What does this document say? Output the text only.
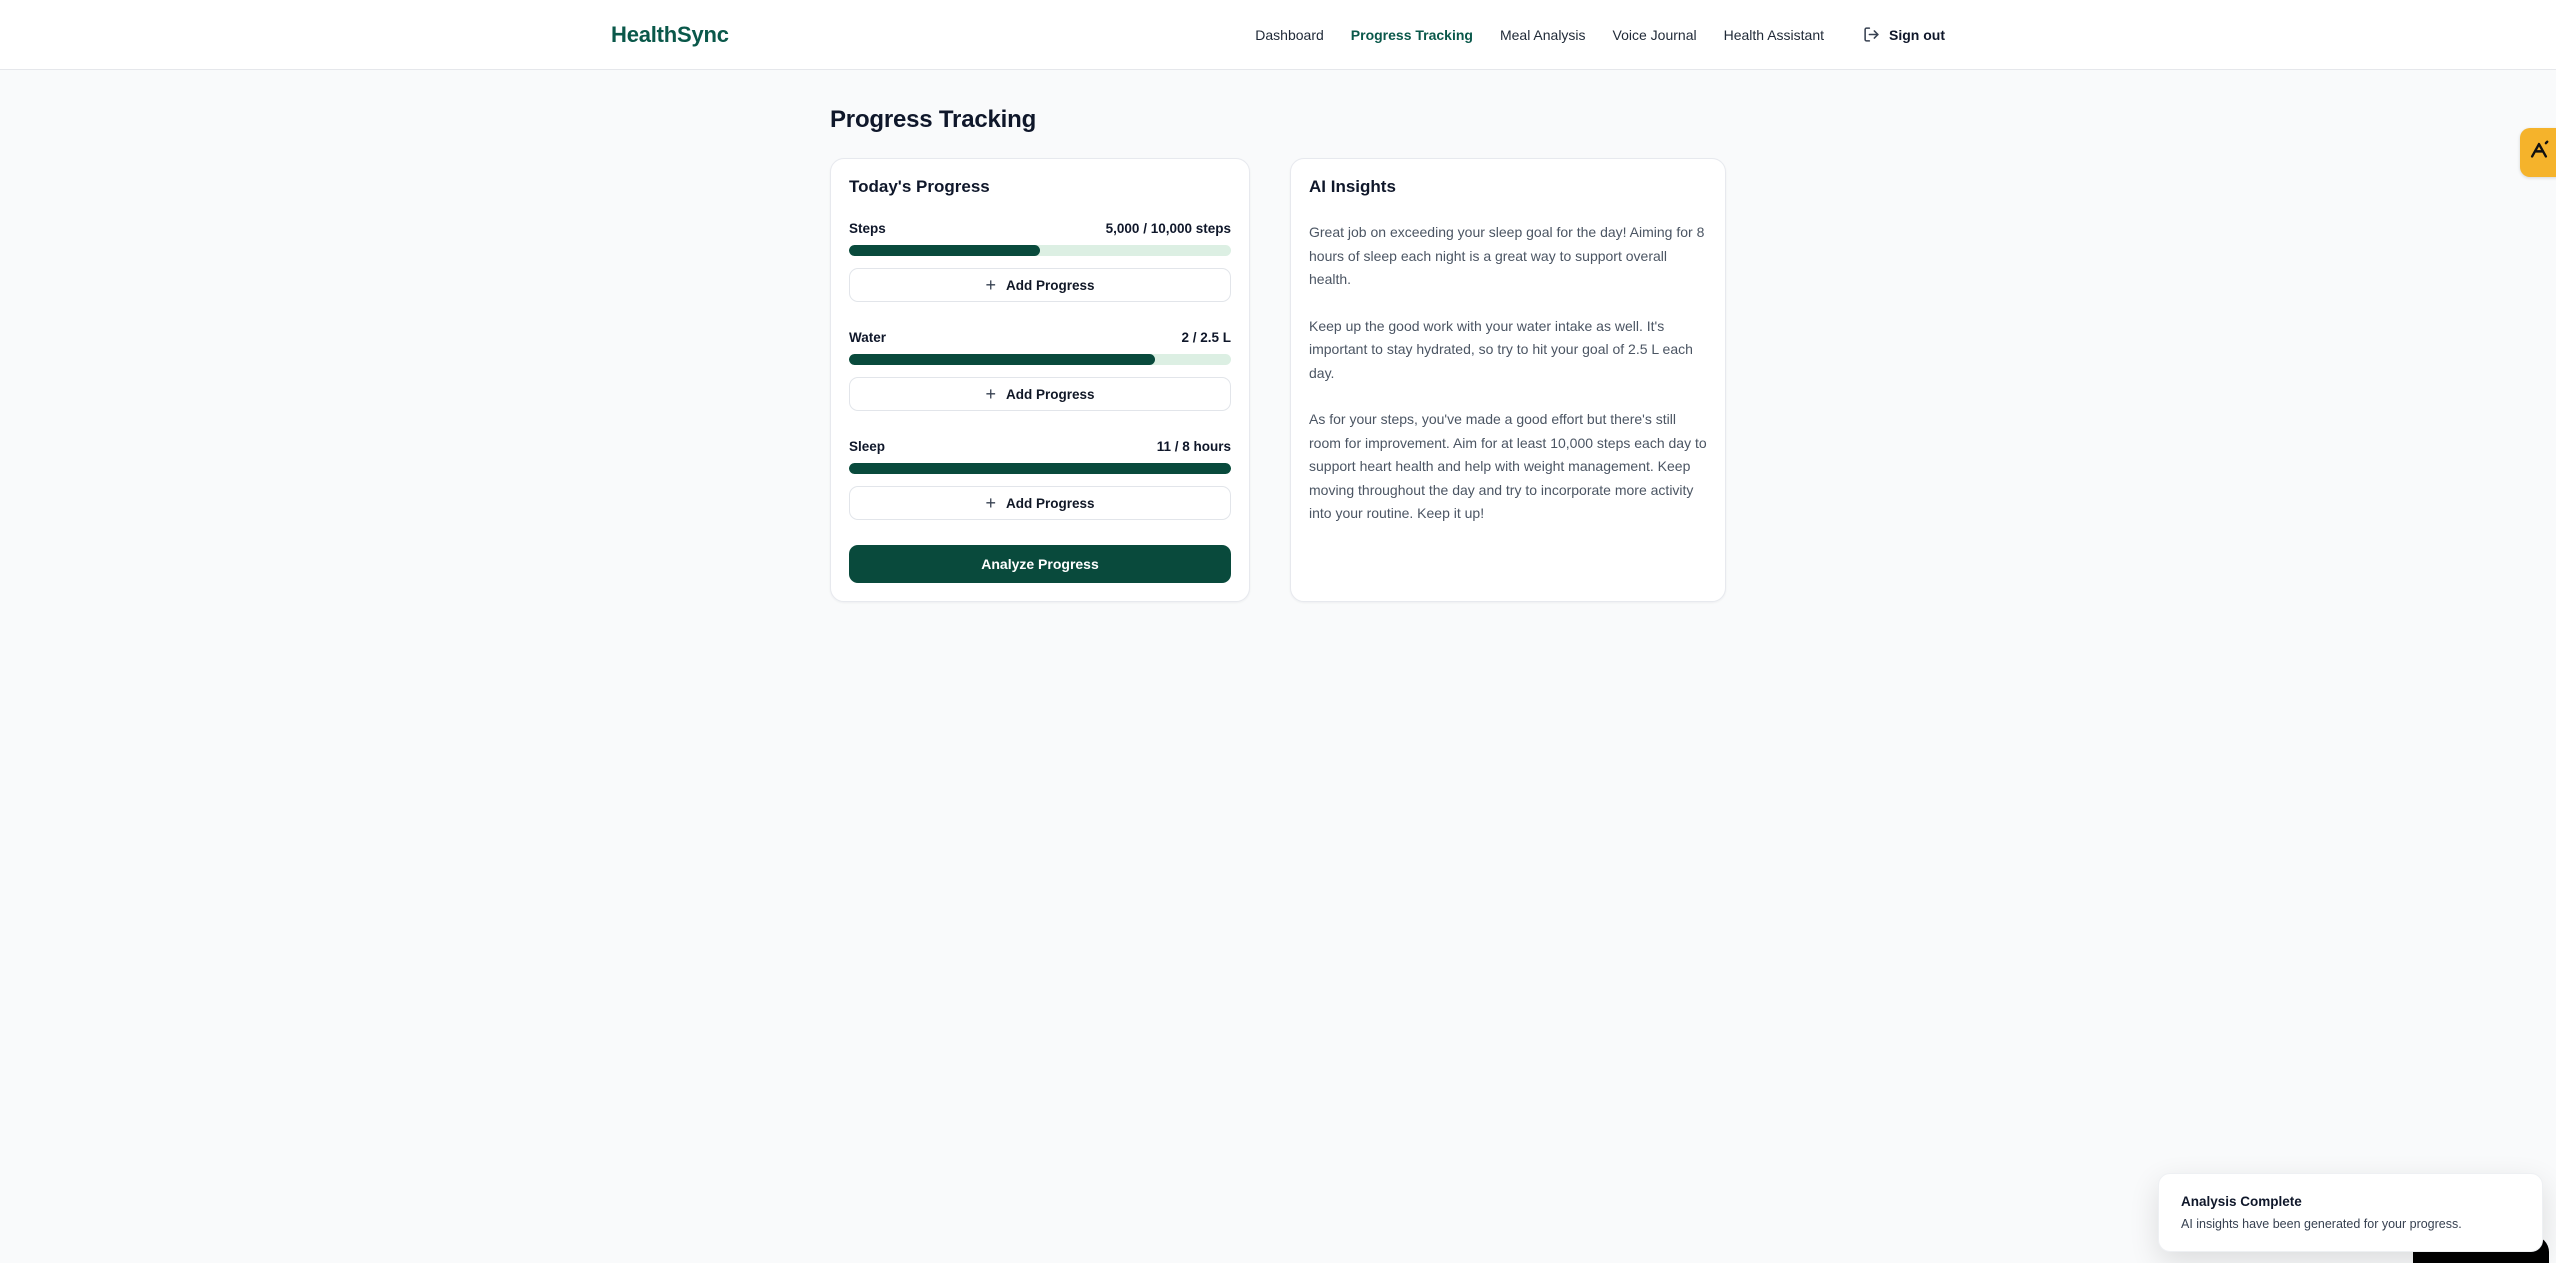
HealthSync	Dashboard Progress Tracking Meal Analysis Voice Journal Health Assistant	Sign out
Progress Tracking
Today's Progress
Steps	5,000 / 10,000 steps
+ Add Progress
Water	2 / 2.5 L
+ Add Progress
Sleep	11 / 8 hours
+ Add Progress
Analyze Progress
AI Insights

Great job on exceeding your sleep goal for the day! Aiming for 8 hours of sleep each night is a great way to support overall health.

Keep up the good work with your water intake as well. It's important to stay hydrated, so try to hit your goal of 2.5 L each day.

As for your steps, you've made a good effort but there's still room for improvement. Aim for at least 10,000 steps each day to support heart health and help with weight management. Keep moving throughout the day and try to incorporate more activity into your routine. Keep it up!

Analysis Complete
AI insights have been generated for your progress.
